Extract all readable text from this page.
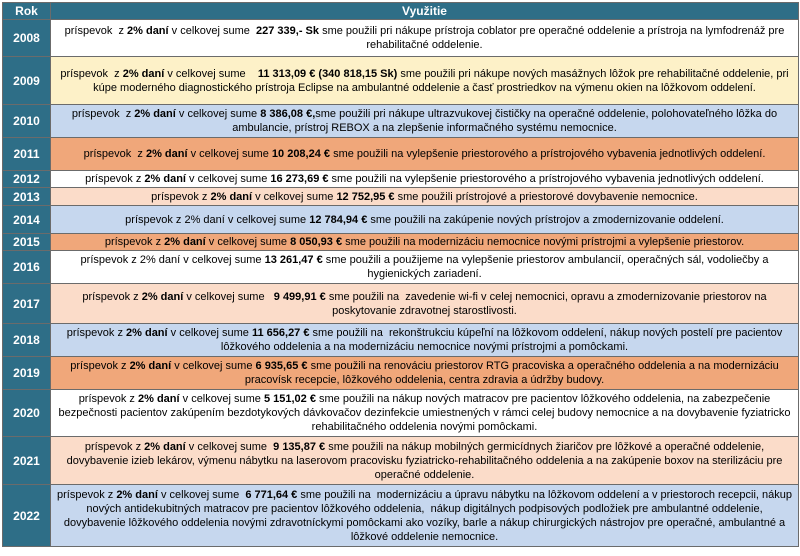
Rok	Využitie
2008	príspevok  z 2% daní v celkovej sume  227 339,- Sk sme použili pri nákupe prístroja coblator pre operačné oddelenie a prístroja na lymfodrenáž pre rehabilitačné oddelenie.
2009	príspevok  z 2% daní v celkovej sume    11 313,09 € (340 818,15 Sk) sme použili pri nákupe nových masážnych lôžok pre rehabilitačné oddelenie, pri kúpe moderného diagnostického prístroja Eclipse na ambulantné oddelenie a časť prostriedkov na výmenu okien na lôžkovom oddelení.
2010	príspevok  z 2% daní v celkovej sume 8 386,08 €,sme použili pri nákupe ultrazvukovej čističky na operačné oddelenie, polohovateľného lôžka do ambulancie, prístroj REBOX a na zlepšenie informačného systému nemocnice.
2011	príspevok  z 2% daní v celkovej sume 10 208,24 € sme použili na vylepšenie priestorového a prístrojového vybavenia jednotlivých oddelení.
2012	príspevok z 2% daní v celkovej sume 16 273,69 € sme použili na vylepšenie priestorového a prístrojového vybavenia jednotlivých oddelení.
2013	príspevok z 2% daní v celkovej sume 12 752,95 € sme použili prístrojové a priestorové dovybavenie nemocnice.
2014	príspevok z 2% daní v celkovej sume 12 784,94 € sme použili na zakúpenie nových prístrojov a zmodernizovanie oddelení.
2015	príspevok z 2% daní v celkovej sume 8 050,93 € sme použili na modernizáciu nemocnice novými prístrojmi a vylepšenie priestorov.
2016	príspevok z 2% daní v celkovej sume 13 261,47 € sme použili a použijeme na vylepšenie priestorov ambulancií, operačných sál, vodoliečby a hygienických zariadení.
2017	príspevok z 2% daní v celkovej sume   9 499,91 € sme použili na  zavedenie wi-fi v celej nemocnici, opravu a zmodernizovanie priestorov na poskytovanie zdravotnej starostlivosti.
2018	príspevok z 2% daní v celkovej sume 11 656,27 € sme použili na  rekonštrukciu kúpeľní na lôžkovom oddelení, nákup nových postelí pre pacientov lôžkového oddelenia a na modernizáciu nemocnice novými prístrojmi a pomôckami.
2019	príspevok z 2% daní v celkovej sume 6 935,65 € sme použili na renováciu priestorov RTG pracoviska a operačného oddelenia a na modernizáciu pracovísk recepcie, lôžkového oddelenia, centra zdravia a údržby budovy.
2020	príspevok z 2% daní v celkovej sume 5 151,02 € sme použili na nákup nových matracov pre pacientov lôžkového oddelenia, na zabezpečenie bezpečnosti pacientov zakúpením bezdotykových dávkovačov dezinfekcie umiestnených v rámci celej budovy nemocnice a na dovybavenie fyziatricko rehabilitačného oddelenia novými pomôckami.
2021	príspevok z 2% daní v celkovej sume  9 135,87 € sme použili na nákup mobilných germicídnych žiaričov pre lôžkové a operačné oddelenie, dovybavenie izieb lekárov, výmenu nábytku na laserovom pracovisku fyziatricko-rehabilitačného oddelenia a na zakúpenie boxov na sterilizáciu pre operačné oddelenie.
2022	príspevok z 2% daní v celkovej sume  6 771,64 € sme použili na  modernizáciu a úpravu nábytku na lôžkovom oddelení a v priestoroch recepcii, nákup nových antidekubitných matracov pre pacientov lôžkového oddelenia,  nákup digitálnych podpisových podložiek pre ambulantné oddelenie, dovybavenie lôžkového oddelenia novými zdravotníckymi pomôckami ako vozíky, barle a nákup chirurgických nástrojov pre operačné, ambulantné a lôžkové oddelenie nemocnice.
